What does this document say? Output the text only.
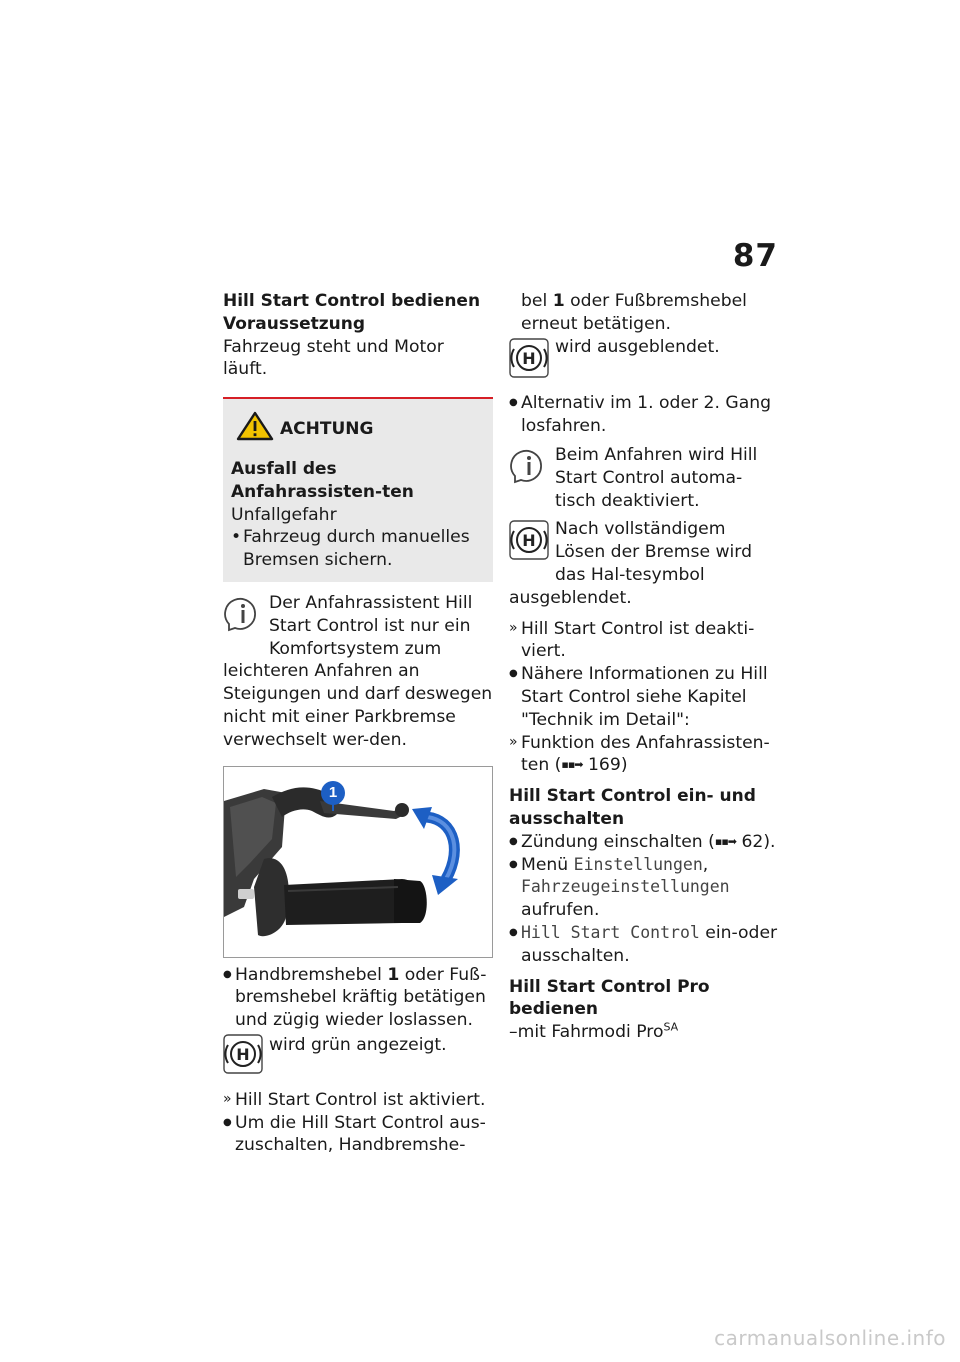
87

Hill Start Control bedienen

Voraussetzung

Fahrzeug steht und Motor läuft.

ACHTUNG

Ausfall des Anfahrassisten-ten

Unfallgefahr

• Fahrzeug durch manuelles Bremsen sichern.

Der Anfahrassistent Hill Start Control ist nur ein Komfortsystem zum leichteren Anfahren an Steigungen und darf deswegen nicht mit einer Parkbremse verwechselt wer-den.

1

● Handbremshebel 1 oder Fuß-bremshebel kräftig betätigen und zügig wieder loslassen.

H	wird grün angezeigt.

» Hill Start Control ist aktiviert.

● Um die Hill Start Control aus-zuschalten, Handbremshe-

bel 1 oder Fußbremshebel erneut betätigen.

H

wird ausgeblendet.

● Alternativ im 1. oder 2. Gang losfahren.

Beim Anfahren wird Hill Start Control automa-tisch deaktiviert.

H

Nach vollständigem Lösen der Bremse wird das Hal-tesymbol ausgeblendet.

» Hill Start Control ist deakti-viert.

● Nähere Informationen zu Hill Start Control siehe Kapitel "Technik im Detail":

» Funktion des Anfahrassisten-ten (▪▪➡ 169)

Hill Start Control ein- und ausschalten

● Zündung einschalten (▪▪➡ 62).

● Menü Einstellungen,
Fahrzeugeinstellungen
aufrufen.

● Hill Start Control ein-oder ausschalten.

Hill Start Control Pro bedienen

–mit Fahrmodi Pro$^{SA}$

carmanualsonline.info
